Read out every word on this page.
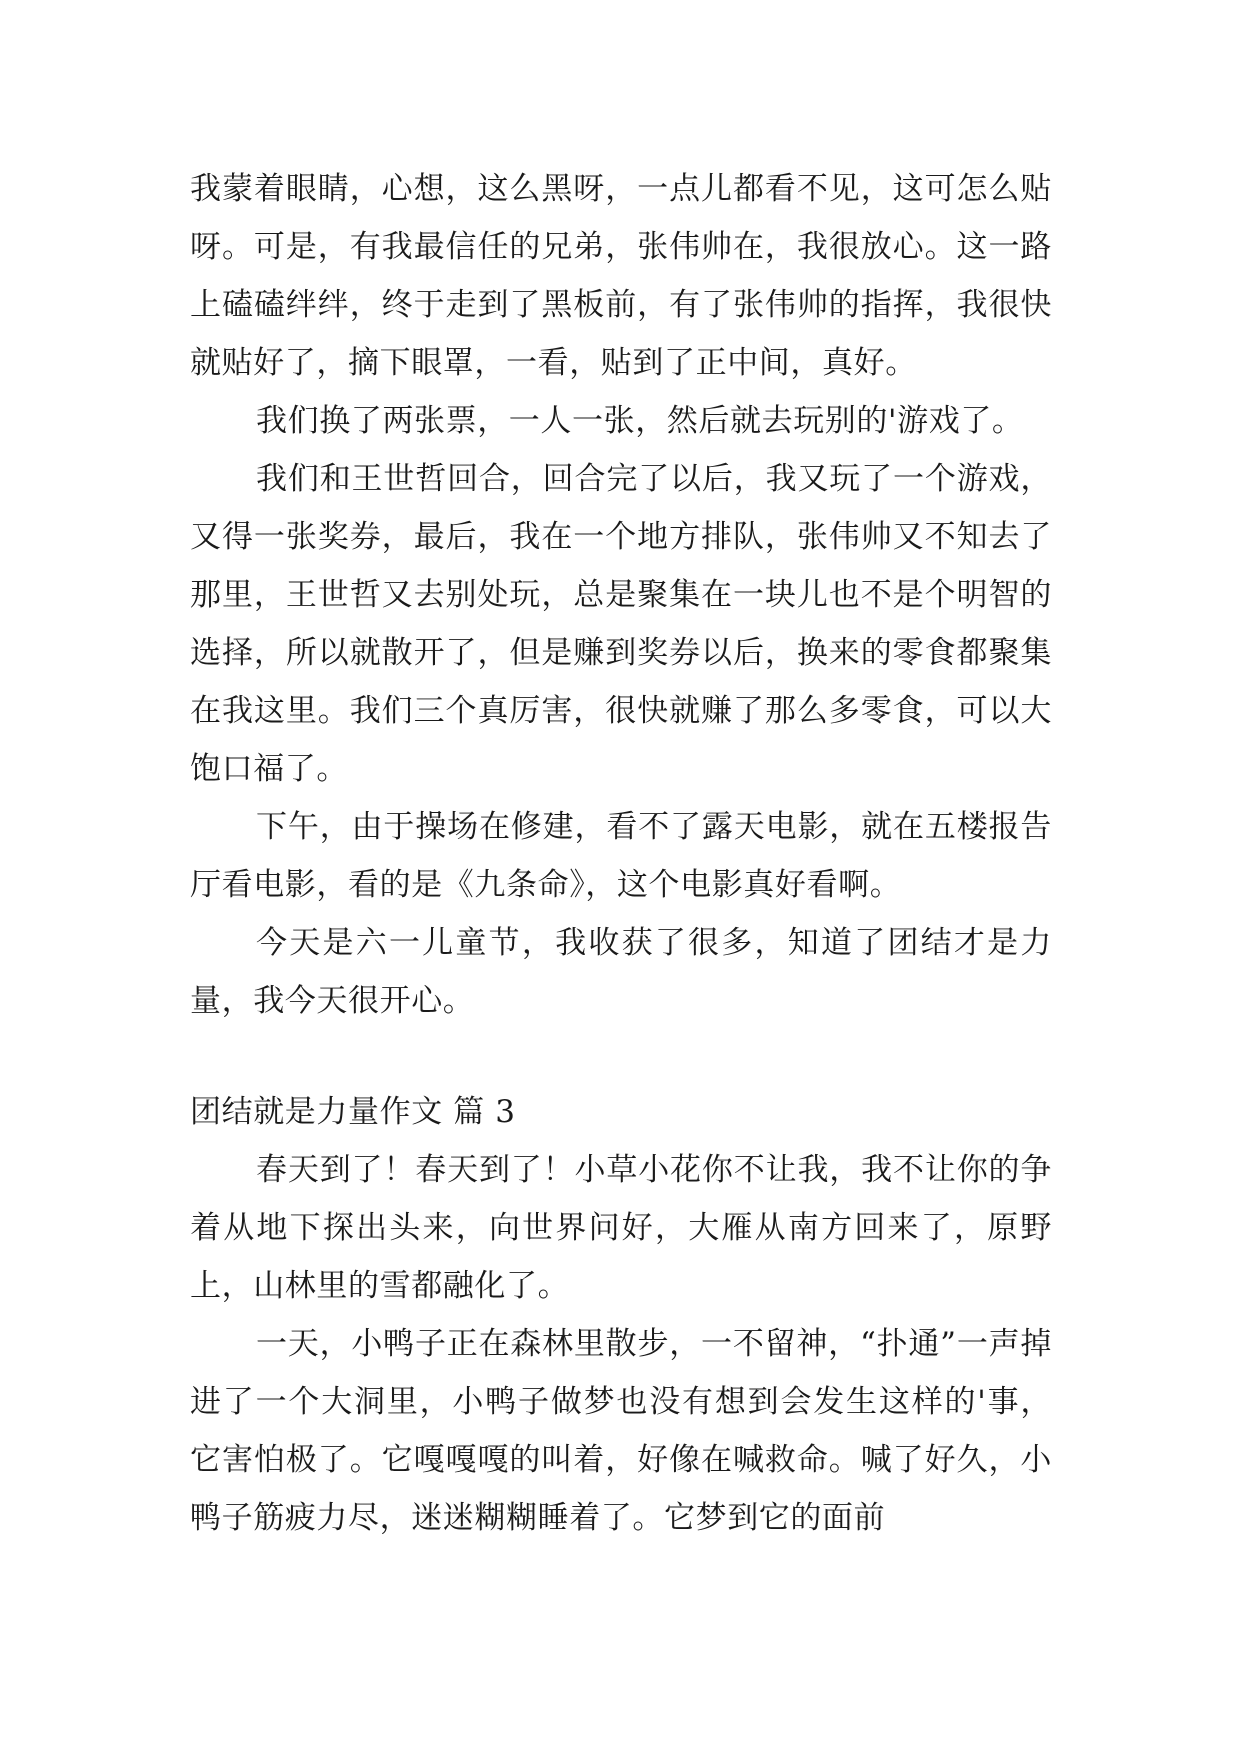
我蒙着眼睛，心想，这么黑呀，一点儿都看不见，这可怎么贴呀。可是，有我最信任的兄弟，张伟帅在，我很放心。这一路上磕磕绊绊，终于走到了黑板前，有了张伟帅的指挥，我很快就贴好了，摘下眼罩，一看，贴到了正中间，真好。

我们换了两张票，一人一张，然后就去玩别的'游戏了。

我们和王世哲回合，回合完了以后，我又玩了一个游戏，又得一张奖券，最后，我在一个地方排队，张伟帅又不知去了那里，王世哲又去别处玩，总是聚集在一块儿也不是个明智的选择，所以就散开了，但是赚到奖券以后，换来的零食都聚集在我这里。我们三个真厉害，很快就赚了那么多零食，可以大饱口福了。

下午，由于操场在修建，看不了露天电影，就在五楼报告厅看电影，看的是《九条命》，这个电影真好看啊。

今天是六一儿童节，我收获了很多，知道了团结才是力量，我今天很开心。

团结就是力量作文 篇 3

春天到了！春天到了！小草小花你不让我，我不让你的争着从地下探出头来，向世界问好，大雁从南方回来了，原野上，山林里的雪都融化了。

一天，小鸭子正在森林里散步，一不留神，“扑通”一声掉进了一个大洞里，小鸭子做梦也没有想到会发生这样的'事，它害怕极了。它嘎嘎嘎的叫着，好像在喊救命。喊了好久，小鸭子筋疲力尽，迷迷糊糊睡着了。它梦到它的面前
